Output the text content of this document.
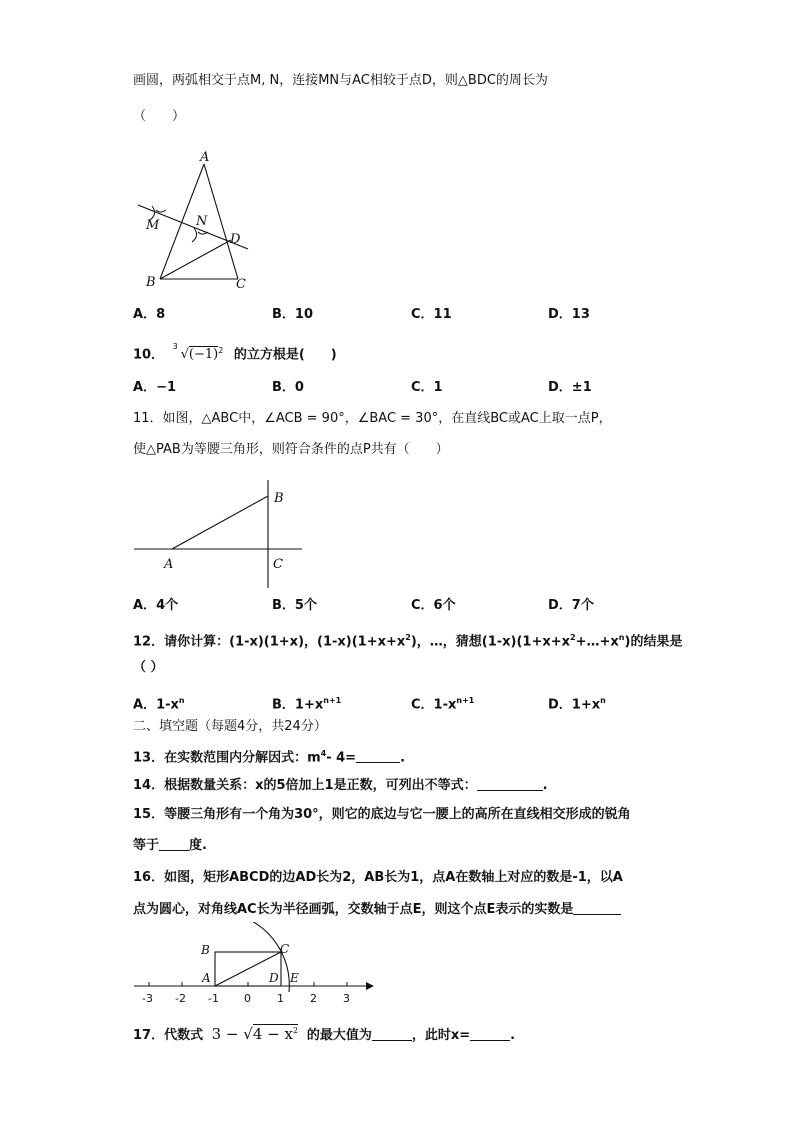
画圆，两弧相交于点M, N，连接MN与AC相较于点D，则△BDC的周长为
（　　）
A
N
M
D
B	C
A．8	B．10	C．11	D．13
10．
3
$√(-1)^2$ 的立方根是(　　)
A．−1	B．0	C．1	D．±1
11．如图，△ABC中，∠ACB = 90°，∠BAC = 30°，在直线BC或AC上取一点P，
使△PAB为等腰三角形，则符合条件的点P共有（　　）
B
A	C
A．4个	B．5个	C．6个	D．7个
12．请你计算：(1-x)(1+x)，$(1-x)(1+x+x^2)$，…，猜想$(1-x)(1+x+x^2+\dots+x^n)$的结果是
（ ）
A．$1-x^n$	B．$1+x^{n+1}$	C．$1-x^{n+1}$	D．$1+x^n$
二、填空题（每题4分，共24分）
13．在实数范围内分解因式：$m^4-$ 4=	.
14．根据数量关系：x的5倍加上1是正数，可列出不等式：	.
15．等腰三角形有一个角为30°，则它的底边与它一腰上的高所在直线相交形成的锐角
等于 度.
16．如图，矩形ABCD的边AD长为2，AB长为1，点A在数轴上对应的数是-1，以A
点为圆心，对角线AC长为半径画弧，交数轴于点E，则这个点E表示的实数是
-3 -2 -1 0 1 2 3
B	C
A	D E
17．代数式 $3 - √4 - x^2$ 的最大值为	，此时x=	.
